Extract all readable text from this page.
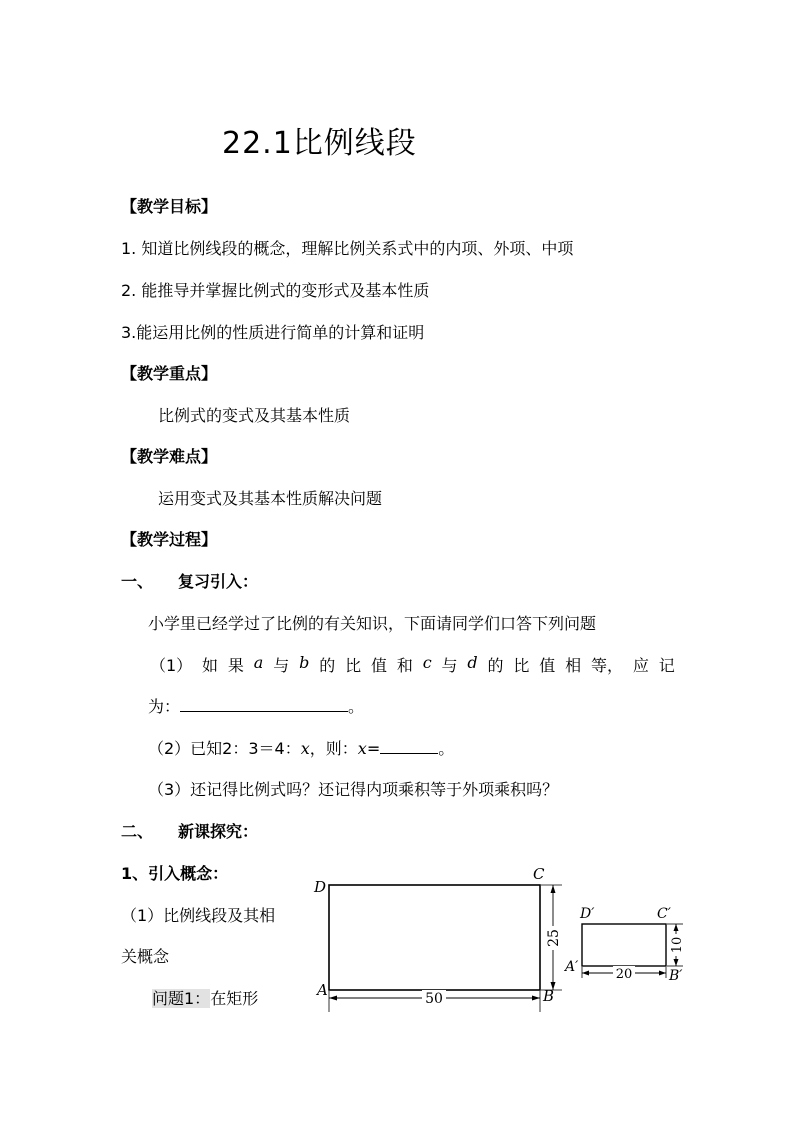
22.1比例线段
【教学目标】
1. 知道比例线段的概念，理解比例关系式中的内项、外项、中项
2. 能推导并掌握比例式的变形式及基本性质
3.能运用比例的性质进行简单的计算和证明
【教学重点】
比例式的变式及其基本性质
【教学难点】
运用变式及其基本性质解决问题
【教学过程】
一、 复习引入：
小学里已经学过了比例的有关知识，下面请同学们口答下列问题
（1） 如 果 a 与 b 的 比 值 和 c 与 d 的 比 值 相 等， 应 记
为：	。
（2）已知2：3＝4：x，则：x=	。
（3）还记得比例式吗？还记得内项乘积等于外项乘积吗？
二、 新课探究：
1、引入概念：
（1）比例线段及其相
关概念
问题1：在矩形	50
25
D
C
A	B
20
10
D′	C′
A′
B′
